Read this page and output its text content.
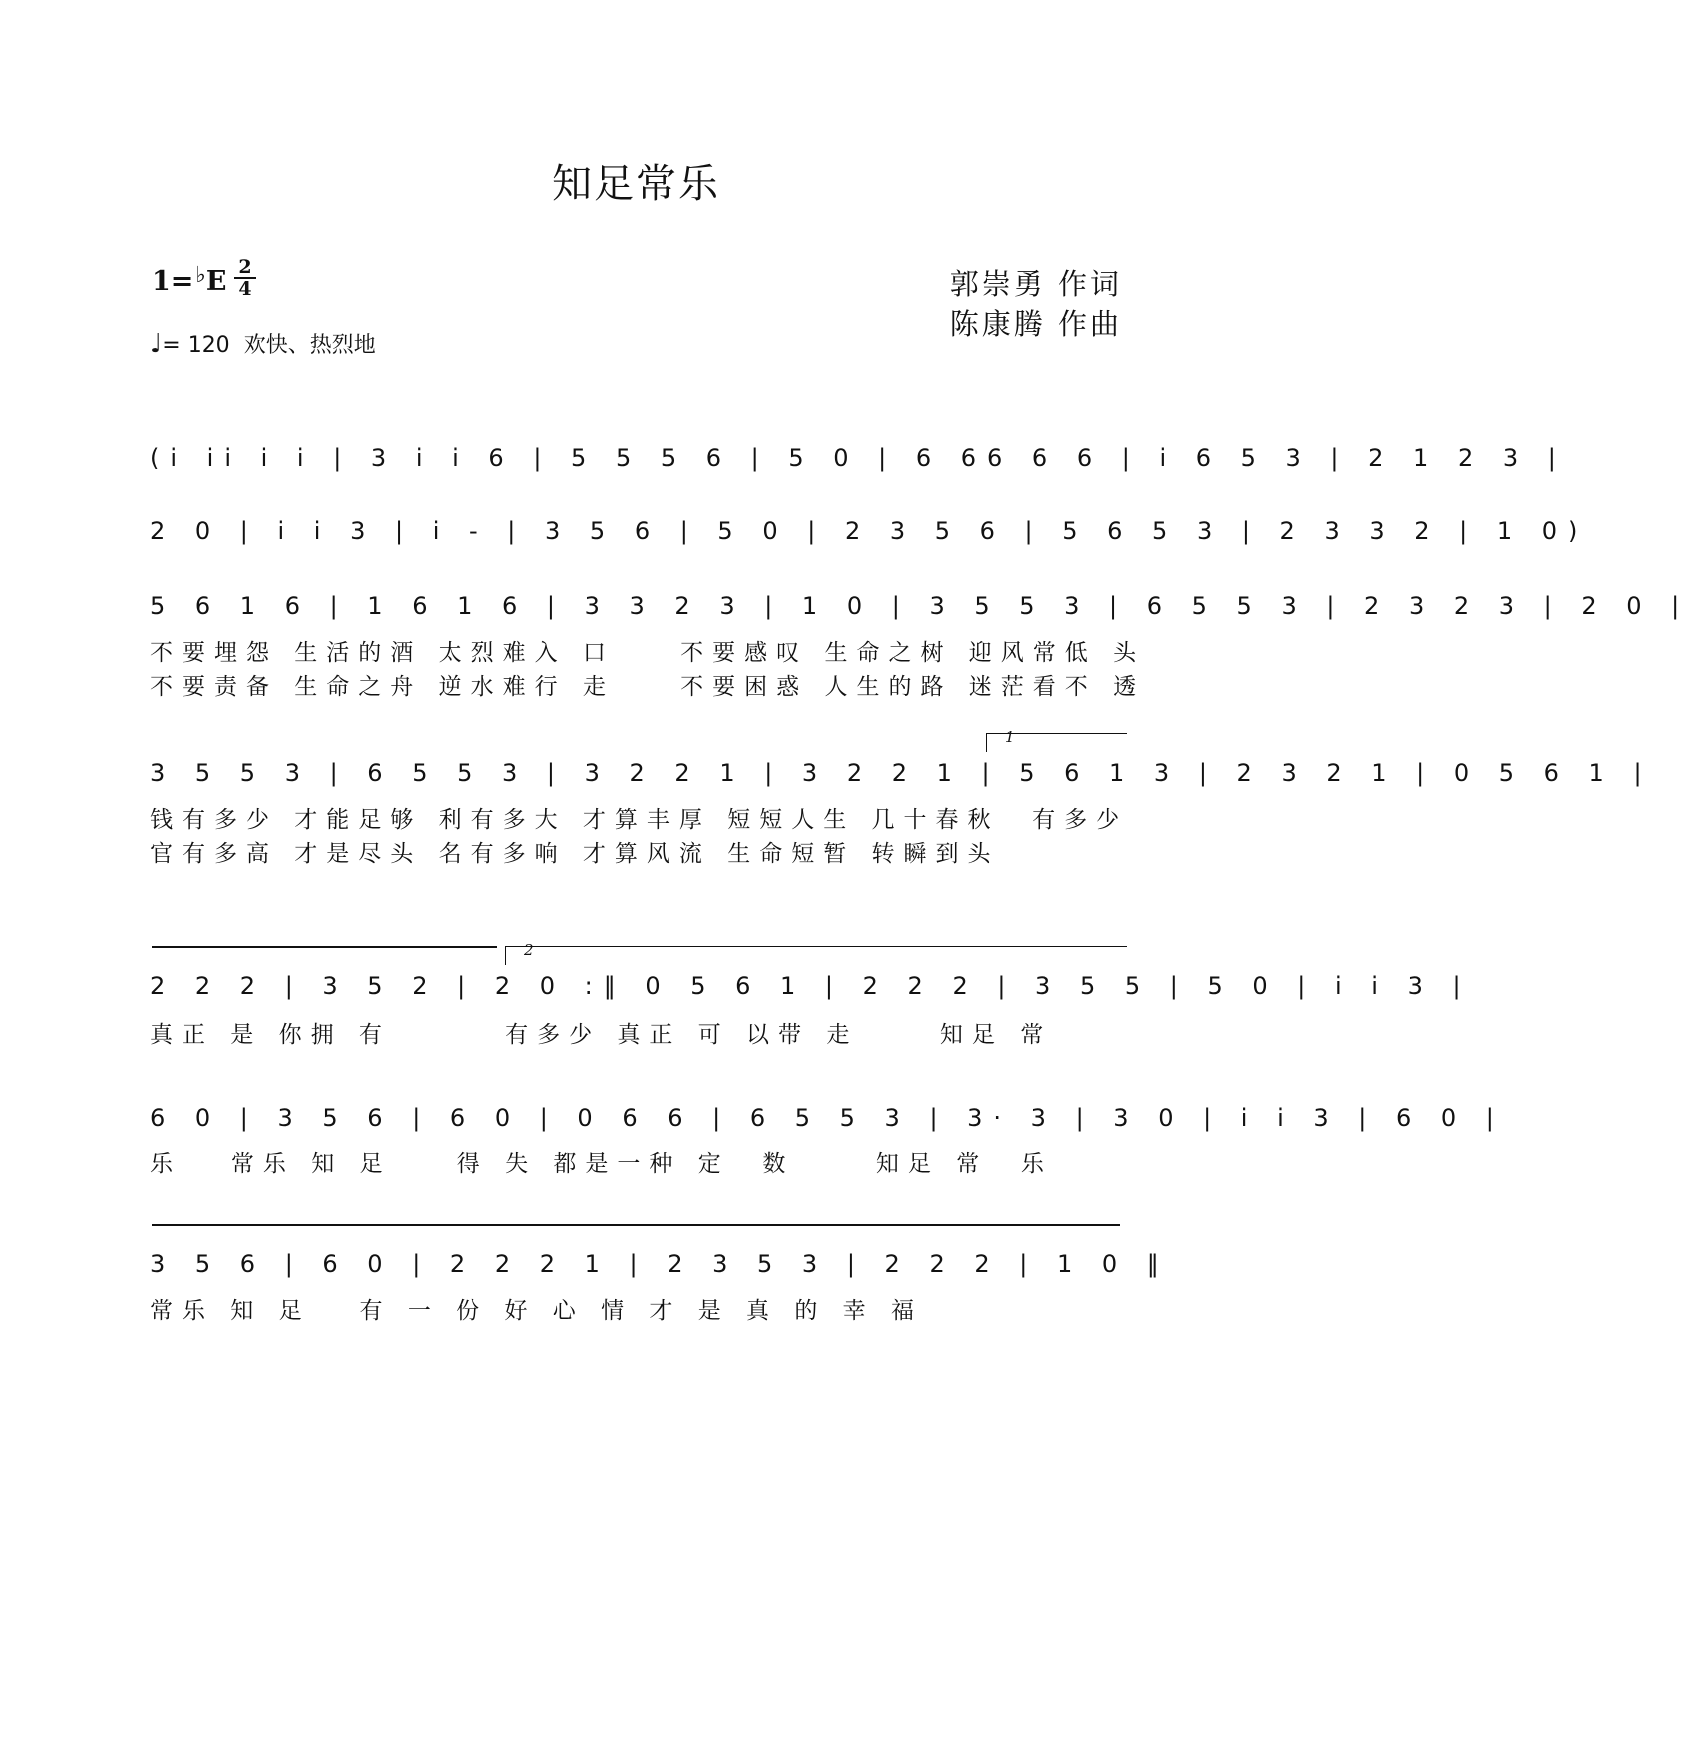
知足常乐
1=♭E 2
4
♩= 120 欢快、热烈地
郭崇勇 作词
陈康腾 作曲
(i ii i i | 3 i i 6 | 5 5 5 6 | 5 0 | 6 66 6 6 | i 6 5 3 | 2 1 2 3 |
2 0 | i i 3 | i - | 3 5 6 | 5 0 | 2 3 5 6 | 5 6 5 3 | 2 3 3 2 | 1 0)
5 6 1 6 | 1 6 1 6 | 3 3 2 3 | 1 0 | 3 5 5 3 | 6 5 5 3 | 2 3 2 3 | 2 0 |
不要埋怨 生活的酒 太烈难入 口    不要感叹 生命之树 迎风常低 头
不要责备 生命之舟 逆水难行 走    不要困惑 人生的路 迷茫看不 透
1
3 5 5 3 | 6 5 5 3 | 3 2 2 1 | 3 2 2 1 | 5 6 1 3 | 2 3 2 1 | 0 5 6 1 |
钱有多少 才能足够 利有多大 才算丰厚 短短人生 几十春秋  有多少
官有多高 才是尽头 名有多响 才算风流 生命短暂 转瞬到头
2
2 2 2 | 3 5 2 | 2 0 :‖ 0 5 6 1 | 2 2 2 | 3 5 5 | 5 0 | i i 3 |
真正 是 你拥 有       有多少 真正 可 以带 走     知足 常
6 0 | 3 5 6 | 6 0 | 0 6 6 | 6 5 5 3 | 3· 3 | 3 0 | i i 3 | 6 0 |
乐   常乐 知 足    得 失 都是一种 定  数     知足 常  乐
3 5 6 | 6 0 | 2 2 2 1 | 2 3 5 3 | 2 2 2 | 1 0 ‖
常乐 知 足   有 一 份 好 心 情 才 是 真 的 幸 福
